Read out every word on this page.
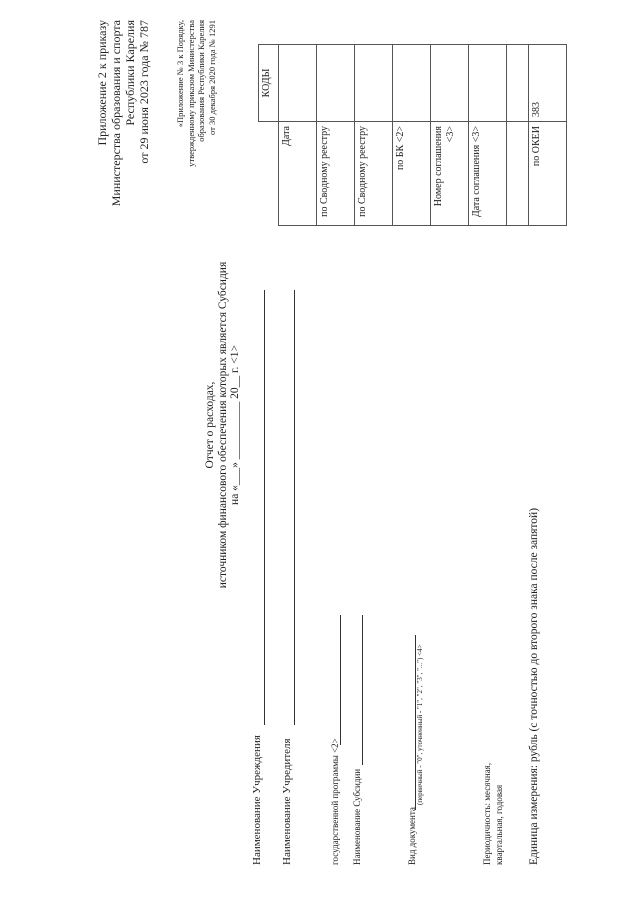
Приложение 2 к приказу Министерства образования и спорта Республики Карелия от 29 июня 2023 года № 787	«Приложение № 3 к Порядку, утвержденному приказом Министерства образования Республики Карелия от 30 декабря 2020 года № 1291
Отчет о расходах, источником финансового обеспечения которых является Субсидия на «___» __________ 20__ г. <1>
Наименование Учреждения Наименование Учредителя	государственной программы <2> Наименование Субсидии	Вид документа
(первичный - "0", уточненный - "1", "2", "3", "...") <4>
Периодичность: месячная, квартальная, годовая Единица измерения: рубль (с точностью до второго знака после запятой)
	КОДЫ
Дата	
по Сводному реестру	
по Сводному реестру	
по БК <2>	
Номер соглашения <3>	
Дата соглашения <3>	

по ОКЕИ	383
